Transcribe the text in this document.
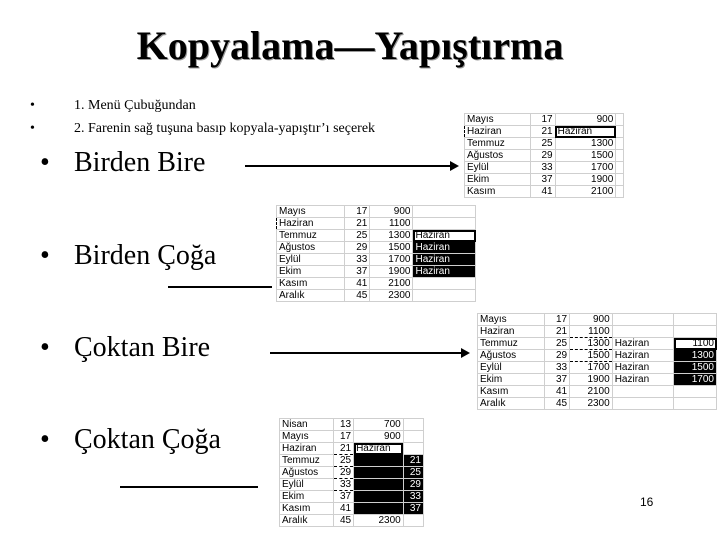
Kopyalama—Yapıştırma
•	1. Menü Çubuğundan
•	2. Farenin sağ tuşuna basıp kopyala-yapıştır’ı seçerek
• Birden Bire
• Birden Çoğa
• Çoktan Bire
• Çoktan Çoğa
Mayıs	17	900	
Haziran	21	Haziran	
Temmuz	25	1300	
Ağustos	29	1500	
Eylül	33	1700	
Ekim	37	1900	
Kasım	41	2100	
Mayıs	17	900	
Haziran	21	1100	
Temmuz	25	1300	Haziran
Ağustos	29	1500	Haziran
Eylül	33	1700	Haziran
Ekim	37	1900	Haziran
Kasım	41	2100	
Aralık	45	2300	
Mayıs	17	900		
Haziran	21	1100		
Temmuz	25	1300	Haziran	1100
Ağustos	29	1500	Haziran	1300
Eylül	33	1700	Haziran	1500
Ekim	37	1900	Haziran	1700
Kasım	41	2100		
Aralık	45	2300		
Nisan	13	700	
Mayıs	17	900	
Haziran	21	Haziran	
Temmuz	25		21
Ağustos	29		25
Eylül	33		29
Ekim	37		33
Kasım	41		37
Aralık	45	2300	
16
